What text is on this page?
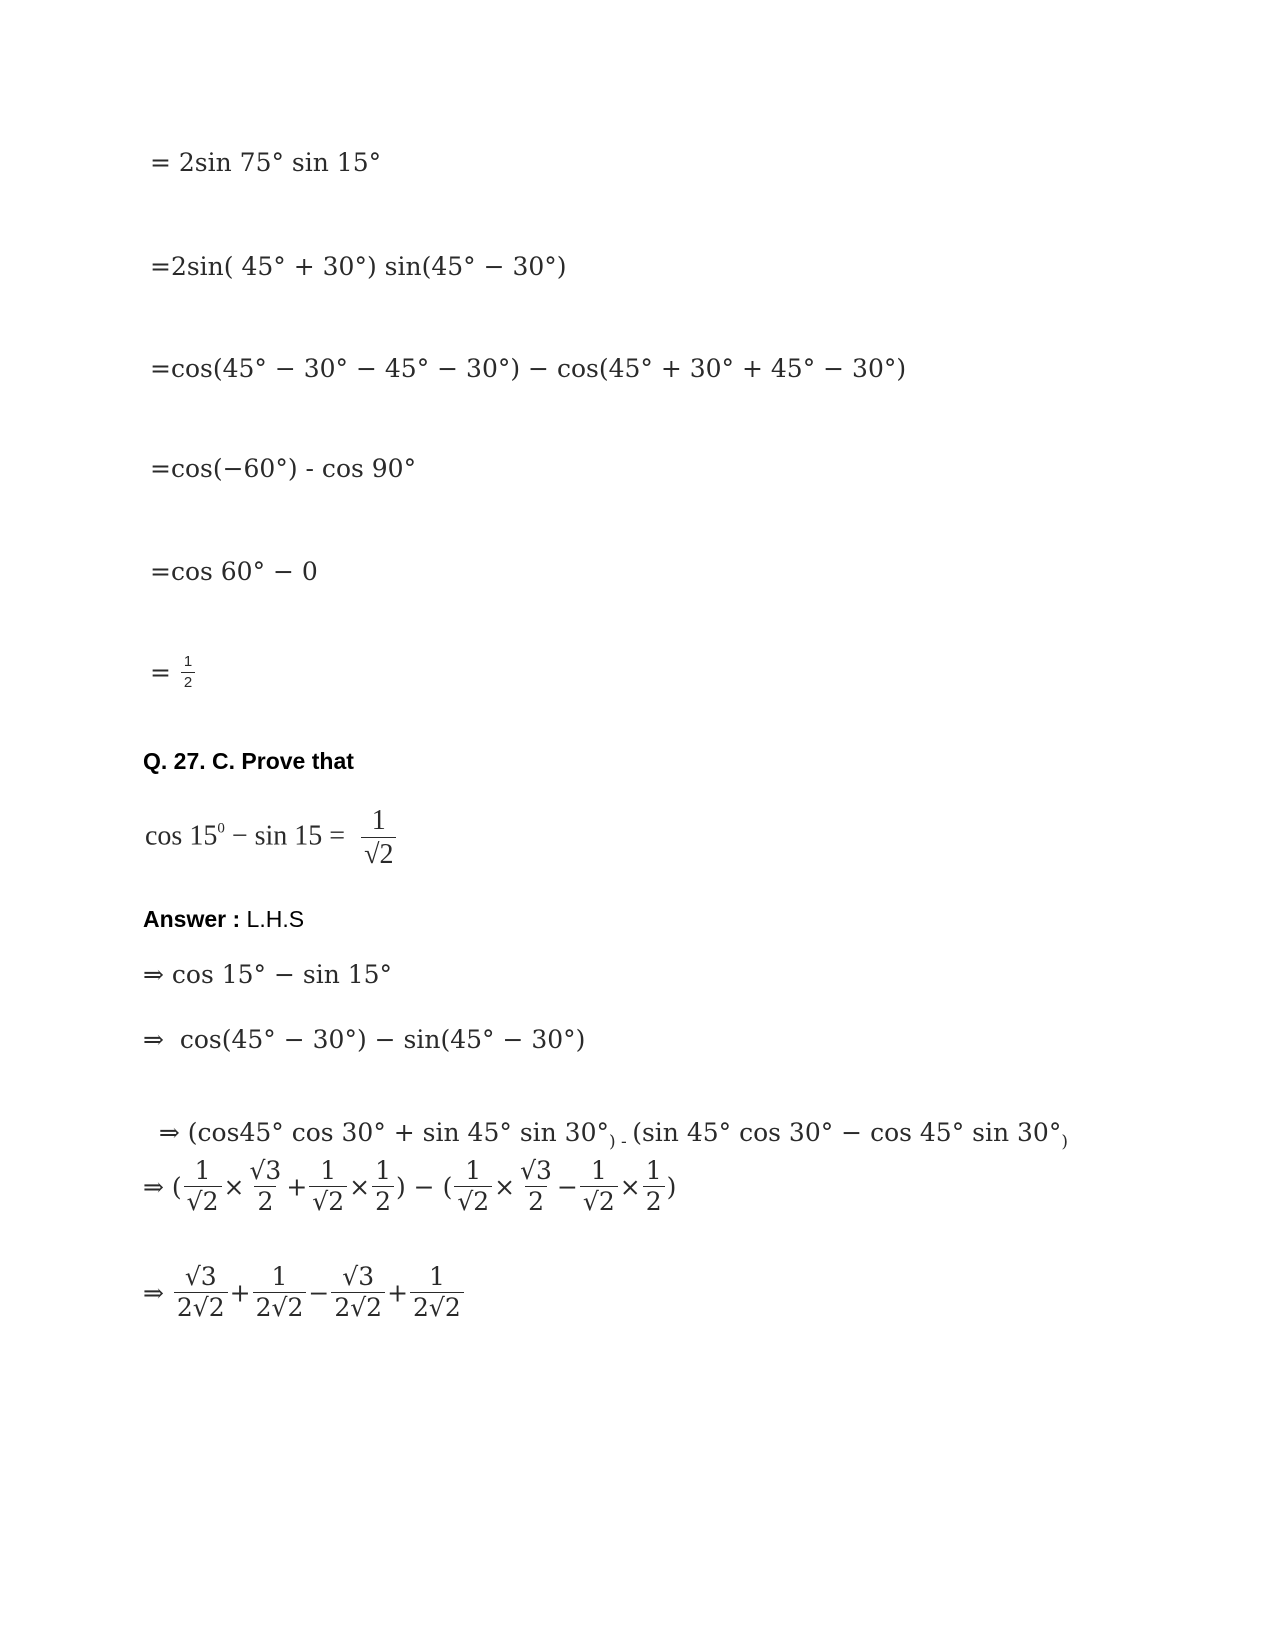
= 2sin 75° sin 15°
=2sin( 45° + 30°) sin(45° − 30°)
=cos(45° − 30° − 45° − 30°) − cos(45° + 30° + 45° − 30°)
=cos(−60°) - cos 90°
=cos 60° − 0
= $\frac{1}{2}$
Q. 27. C. Prove that
$\cos 15^0 - \sin 15 = \frac{1}{√2}$
Answer : L.H.S
⇒ cos 15° − sin 15°
⇒  cos(45° − 30°) − sin(45° − 30°)

⇒ (cos45° cos 30° + sin 45° $\sin 30^\circ_)$ $_-$ (sin 45° cos 30° − cos 45° $\sin 30^\circ_)$

⇒ ( $\frac{1}{√2} \times \frac{√3}{2} + \frac{1}{√2} \times \frac{1}{2}$ ) − ( $\frac{1}{√2} \times \frac{√3}{2} - \frac{1}{√2} \times \frac{1}{2}$ )
⇒ $\frac{√3}{2√2} + \frac{1}{2√2} - \frac{√3}{2√2} + \frac{1}{2√2}$
